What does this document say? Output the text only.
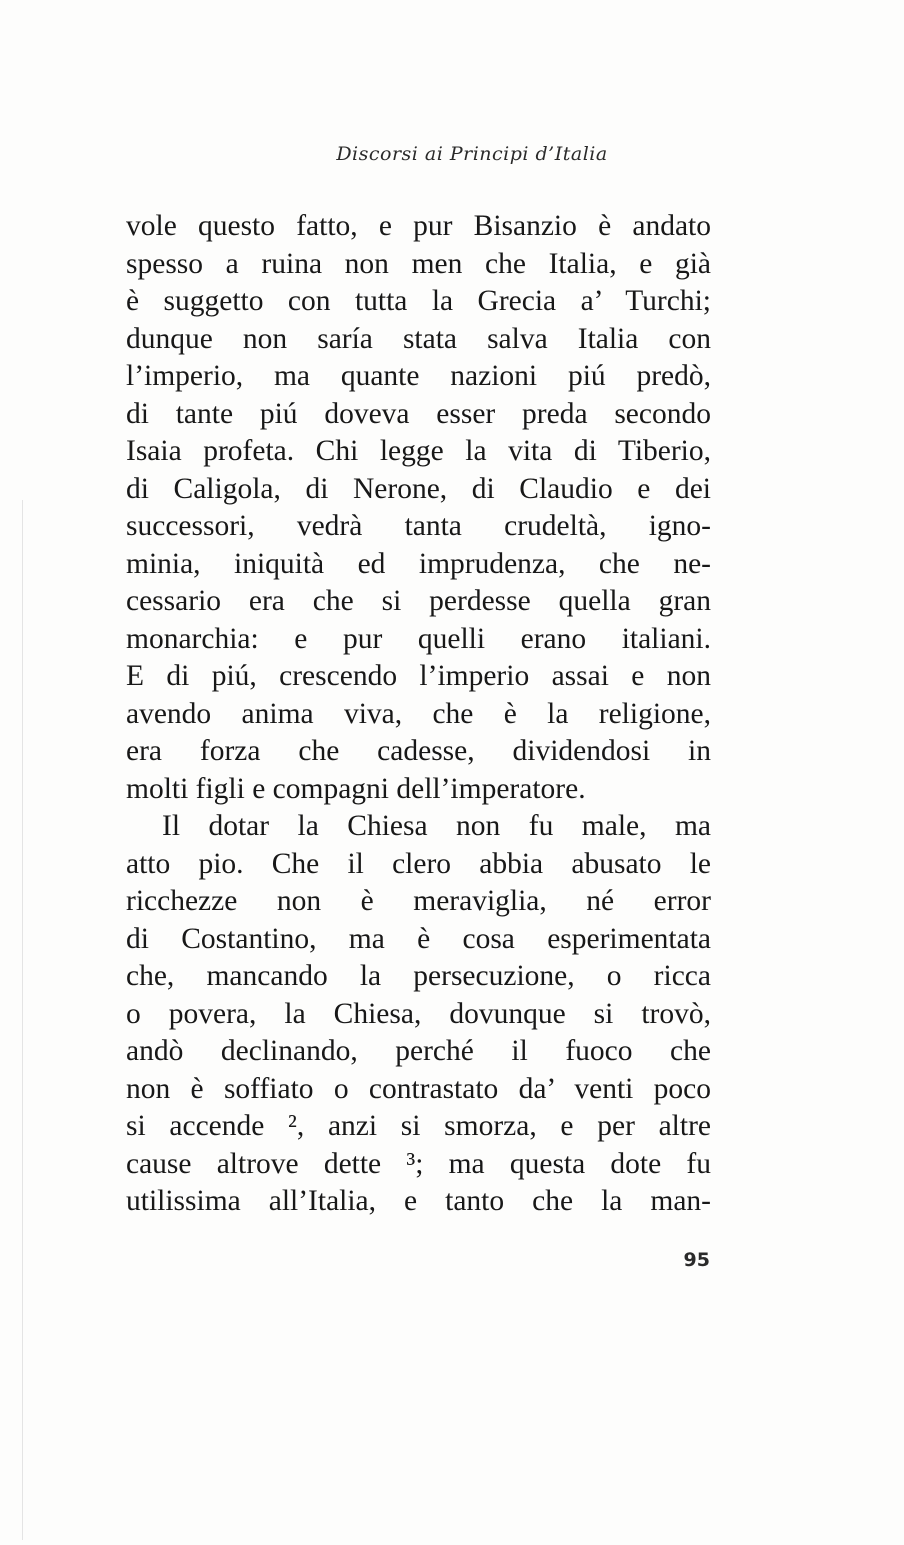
Discorsi ai Principi d’Italia
vole questo fatto, e pur Bisanzio è andato
spesso a ruina non men che Italia, e già
è suggetto con tutta la Grecia a’ Turchi;
dunque non saría stata salva Italia con
l’imperio, ma quante nazioni piú predò,
di tante piú doveva esser preda secondo
Isaia profeta. Chi legge la vita di Tiberio,
di Caligola, di Nerone, di Claudio e dei
successori, vedrà tanta crudeltà, igno-
minia, iniquità ed imprudenza, che ne-
cessario era che si perdesse quella gran
monarchia: e pur quelli erano italiani.
E di piú, crescendo l’imperio assai e non
avendo anima viva, che è la religione,
era forza che cadesse, dividendosi in
molti figli e compagni dell’imperatore.
Il dotar la Chiesa non fu male, ma
atto pio. Che il clero abbia abusato le
ricchezze non è meraviglia, né error
di Costantino, ma è cosa esperimentata
che, mancando la persecuzione, o ricca
o povera, la Chiesa, dovunque si trovò,
andò declinando, perché il fuoco che
non è soffiato o contrastato da’ venti poco
si accende ², anzi si smorza, e per altre
cause altrove dette ³; ma questa dote fu
utilissima all’Italia, e tanto che la man-
95
